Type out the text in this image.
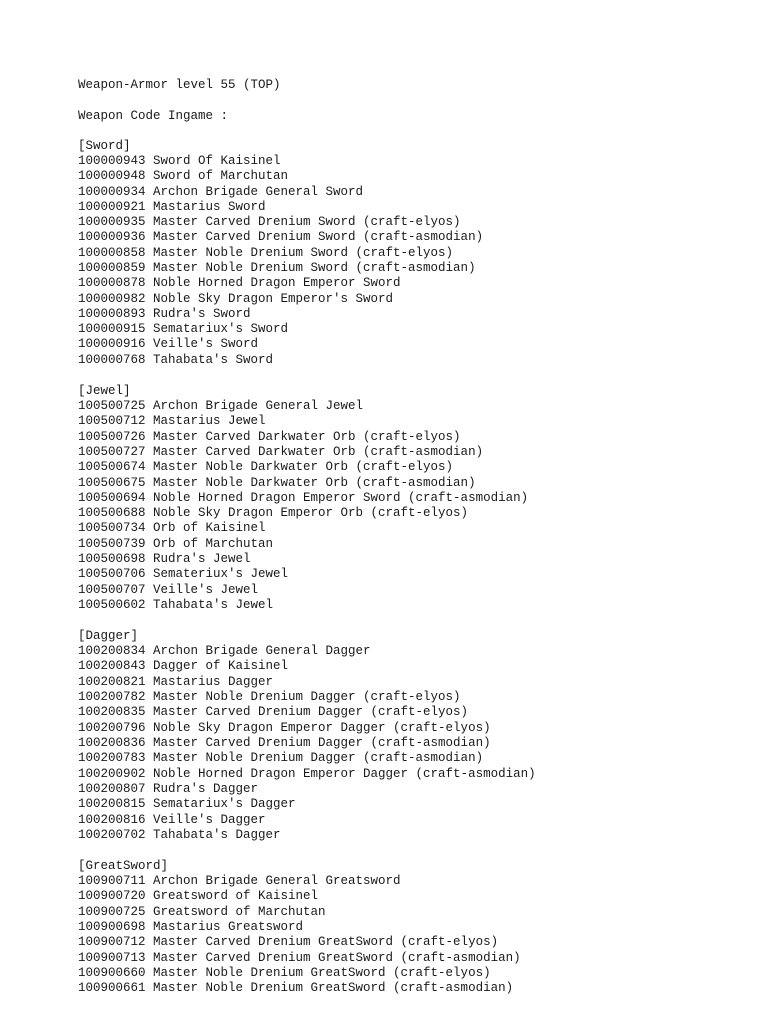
Weapon-Armor level 55 (TOP)
Weapon Code Ingame :
[Sword]
100000943 Sword Of Kaisinel
100000948 Sword of Marchutan
100000934 Archon Brigade General Sword
100000921 Mastarius Sword
100000935 Master Carved Drenium Sword (craft-elyos)
100000936 Master Carved Drenium Sword (craft-asmodian)
100000858 Master Noble Drenium Sword (craft-elyos)
100000859 Master Noble Drenium Sword (craft-asmodian)
100000878 Noble Horned Dragon Emperor Sword
100000982 Noble Sky Dragon Emperor's Sword
100000893 Rudra's Sword
100000915 Sematariux's Sword
100000916 Veille's Sword
100000768 Tahabata's Sword
[Jewel]
100500725 Archon Brigade General Jewel
100500712 Mastarius Jewel
100500726 Master Carved Darkwater Orb (craft-elyos)
100500727 Master Carved Darkwater Orb (craft-asmodian)
100500674 Master Noble Darkwater Orb (craft-elyos)
100500675 Master Noble Darkwater Orb (craft-asmodian)
100500694 Noble Horned Dragon Emperor Sword (craft-asmodian)
100500688 Noble Sky Dragon Emperor Orb (craft-elyos)
100500734 Orb of Kaisinel
100500739 Orb of Marchutan
100500698 Rudra's Jewel
100500706 Sematerіux's Jewel
100500707 Veille's Jewel
100500602 Tahabata's Jewel
[Dagger]
100200834 Archon Brigade General Dagger
100200843 Dagger of Kaisinel
100200821 Mastarius Dagger
100200782 Master Noble Drenium Dagger (craft-elyos)
100200835 Master Carved Drenium Dagger (craft-elyos)
100200796 Noble Sky Dragon Emperor Dagger (craft-elyos)
100200836 Master Carved Drenium Dagger (craft-asmodian)
100200783 Master Noble Drenium Dagger (craft-asmodian)
100200902 Noble Horned Dragon Emperor Dagger (craft-asmodian)
100200807 Rudra's Dagger
100200815 Sematariux's Dagger
100200816 Veille's Dagger
100200702 Tahabata's Dagger
[GreatSword]
100900711 Archon Brigade General Greatsword
100900720 Greatsword of Kaisinel
100900725 Greatsword of Marchutan
100900698 Mastarius Greatsword
100900712 Master Carved Drenium GreatSword (craft-elyos)
100900713 Master Carved Drenium GreatSword (craft-asmodian)
100900660 Master Noble Drenium GreatSword (craft-elyos)
100900661 Master Noble Drenium GreatSword (craft-asmodian)
